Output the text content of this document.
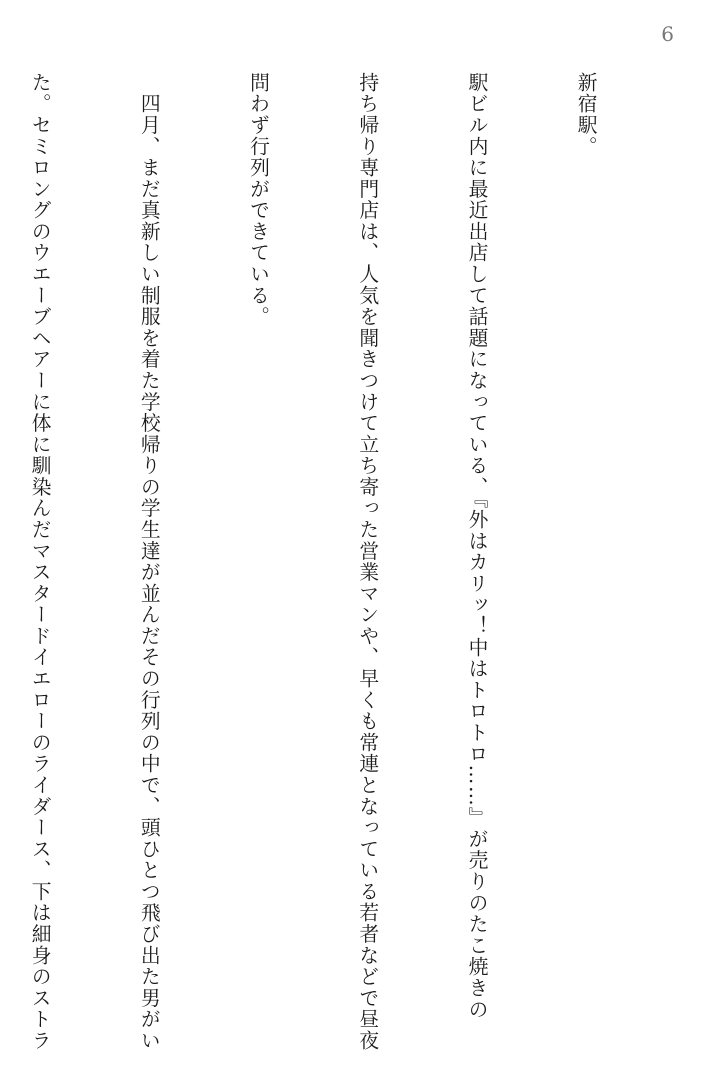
6

新宿駅。

駅ビル内に最近出店して話題になっている、『外はカリッ！中はトロトロ……』が売りのたこ焼きの

持ち帰り専門店は、人気を聞きつけて立ち寄った営業マンや、早くも常連となっている若者などで昼夜

問わず行列ができている。

　四月、まだ真新しい制服を着た学校帰りの学生達が並んだその行列の中で、頭ひとつ飛び出た男がい

た。セミロングのウエーブヘアーに体に馴染んだマスタードイエローのライダース、下は細身のストラ
